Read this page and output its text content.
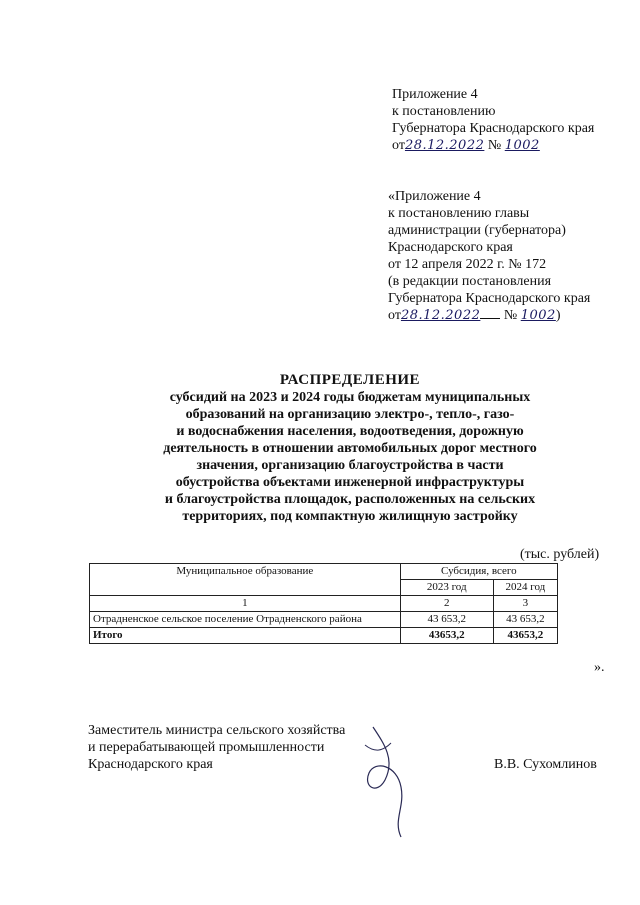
Приложение 4
к постановлению
Губернатора Краснодарского края
от28.12.2022 № 1002
«Приложение 4
к постановлению главы
администрации (губернатора)
Краснодарского края
от 12 апреля 2022 г. № 172
(в редакции постановления
Губернатора Краснодарского края
от28.12.2022 № 1002)
РАСПРЕДЕЛЕНИЕ
субсидий на 2023 и 2024 годы бюджетам муниципальных
образований на организацию электро-, тепло-, газо-
и водоснабжения населения, водоотведения, дорожную
деятельность в отношении автомобильных дорог местного
значения, организацию благоустройства в части
обустройства объектами инженерной инфраструктуры
и благоустройства площадок, расположенных на сельских
территориях, под компактную жилищную застройку
(тыс. рублей)
Муниципальное образование	Субсидия, всего	
	2023 год	2024 год
1	2	3
Отрадненское сельское поселение Отрадненского района	43 653,2	43 653,2
Итого	43653,2	43653,2
».
Заместитель министра сельского хозяйства
и перерабатывающей промышленности
Краснодарского края	В.В. Сухомлинов
